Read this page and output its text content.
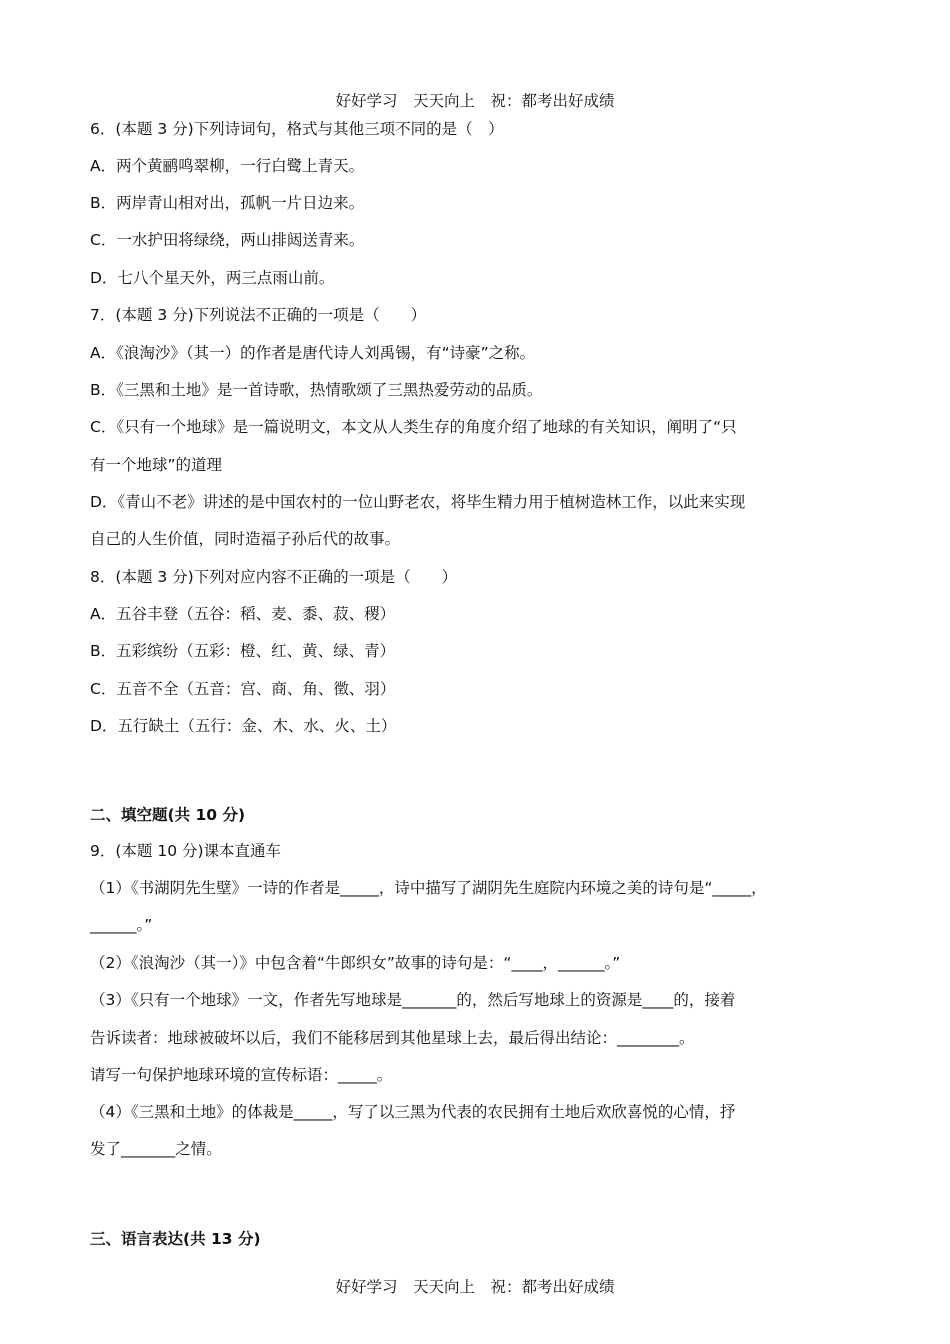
好好学习　天天向上　祝：都考出好成绩
6．(本题 3 分)下列诗词句，格式与其他三项不同的是（　）
A．两个黄鹂鸣翠柳，一行白鹭上青天。
B．两岸青山相对出，孤帆一片日边来。
C．一水护田将绿绕，两山排闼送青来。
D．七八个星天外，两三点雨山前。
7．(本题 3 分)下列说法不正确的一项是（　　）
A．《浪淘沙》（其一）的作者是唐代诗人刘禹锡，有“诗豪”之称。
B．《三黑和土地》是一首诗歌，热情歌颂了三黑热爱劳动的品质。
C．《只有一个地球》是一篇说明文，本文从人类生存的角度介绍了地球的有关知识，阐明了“只
有一个地球”的道理
D．《青山不老》讲述的是中国农村的一位山野老农，将毕生精力用于植树造林工作，以此来实现
自己的人生价值，同时造福子孙后代的故事。
8．(本题 3 分)下列对应内容不正确的一项是（　　）
A．五谷丰登（五谷：稻、麦、黍、菽、稷）
B．五彩缤纷（五彩：橙、红、黄、绿、青）
C．五音不全（五音：宫、商、角、徵、羽）
D．五行缺土（五行：金、木、水、火、土）
二、填空题(共 10 分)
9．(本题 10 分)课本直通车
（1）《书湖阴先生壁》一诗的作者是_____，诗中描写了湖阴先生庭院内环境之美的诗句是“_____，
______。”
（2）《浪淘沙（其一）》中包含着“牛郎织女”故事的诗句是：“____，______。”
（3）《只有一个地球》一文，作者先写地球是_______的，然后写地球上的资源是____的，接着
告诉读者：地球被破坏以后，我们不能移居到其他星球上去，最后得出结论：________。
请写一句保护地球环境的宣传标语：_____。
（4）《三黑和土地》的体裁是_____，写了以三黑为代表的农民拥有土地后欢欣喜悦的心情，抒
发了_______之情。
三、语言表达(共 13 分)
好好学习　天天向上　祝：都考出好成绩
